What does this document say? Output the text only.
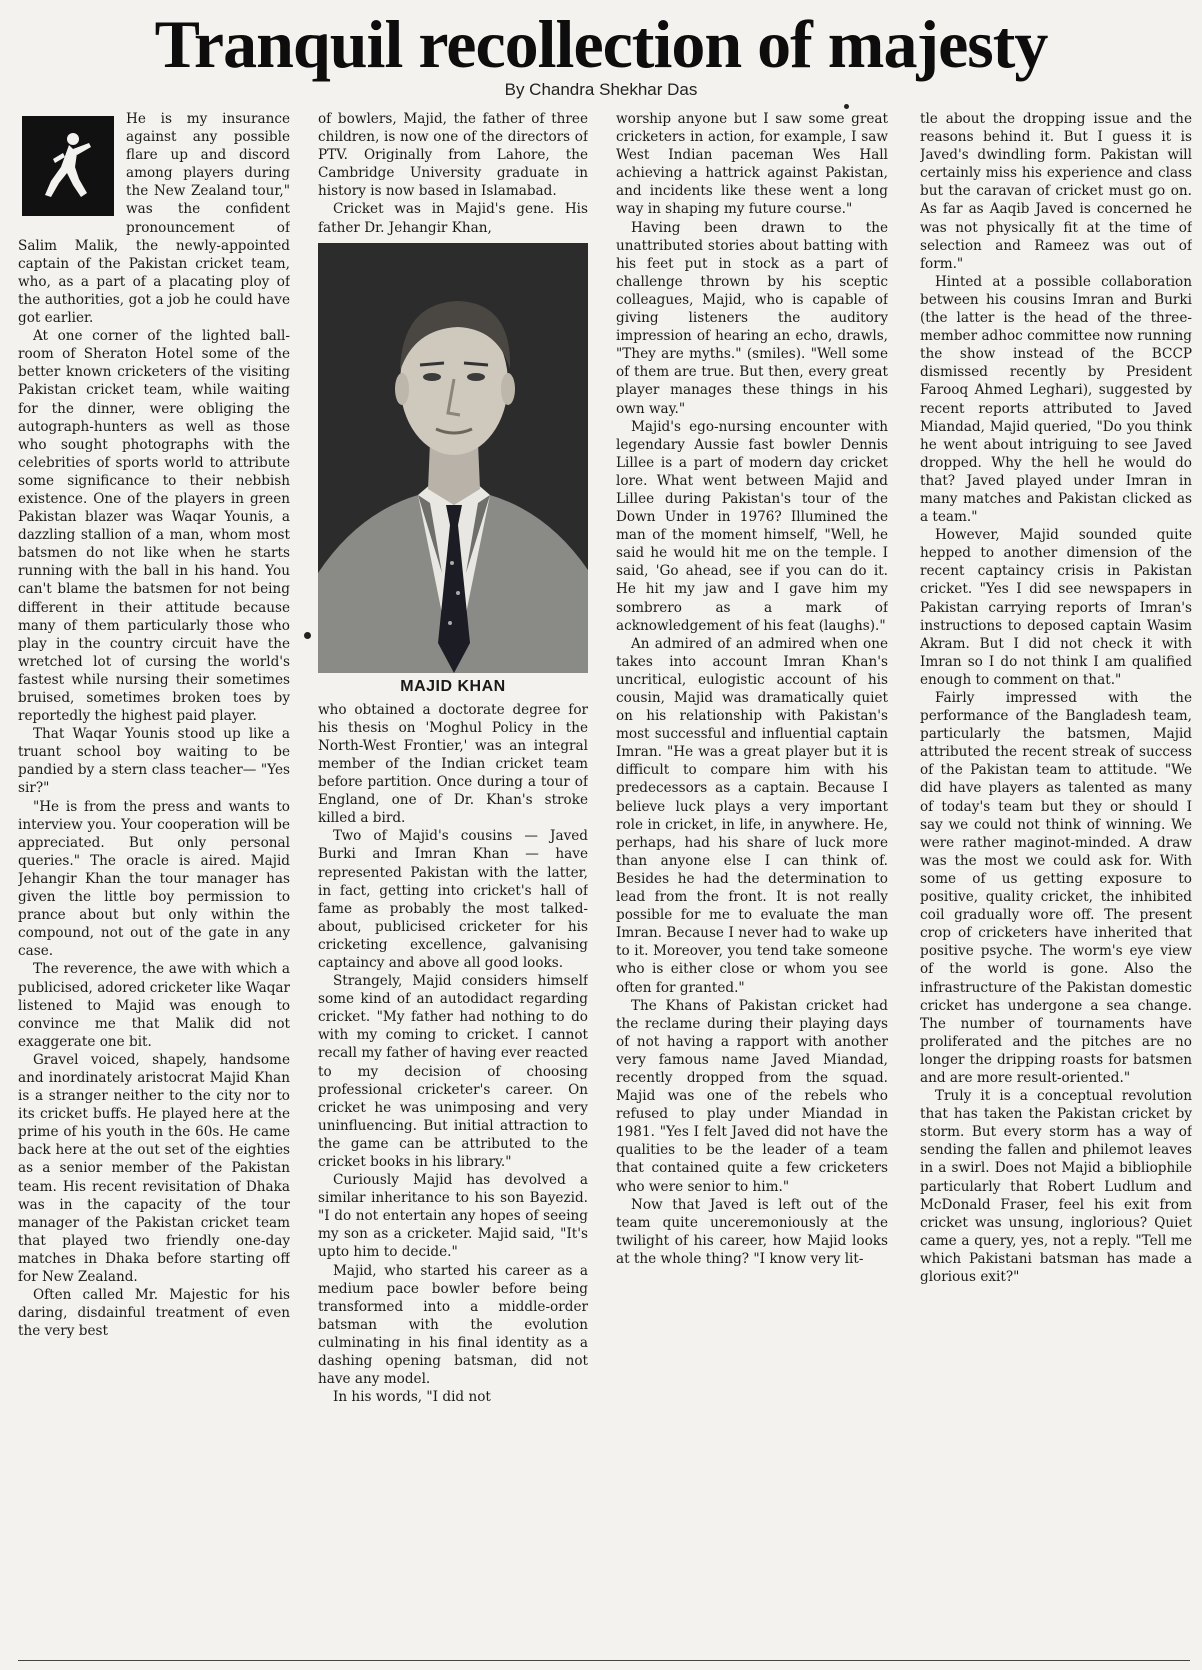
Tranquil recollection of majesty
By Chandra Shekhar Das

He is my insurance against any possible flare up and discord among players during the New Zealand tour," was the confident pronouncement of Salim Malik, the newly-appointed captain of the Pakistan cricket team, who, as a part of a placating ploy of the authorities, got a job he could have got earlier.

At one corner of the lighted ball-room of Sheraton Hotel some of the better known cricketers of the visiting Pakistan cricket team, while waiting for the dinner, were obliging the autograph-hunters as well as those who sought photographs with the celebrities of sports world to attribute some significance to their nebbish existence. One of the players in green Pakistan blazer was Waqar Younis, a dazzling stallion of a man, whom most batsmen do not like when he starts running with the ball in his hand. You can't blame the batsmen for not being different in their attitude because many of them particularly those who play in the country circuit have the wretched lot of cursing the world's fastest while nursing their sometimes bruised, sometimes broken toes by reportedly the highest paid player.

That Waqar Younis stood up like a truant school boy waiting to be pandied by a stern class teacher— "Yes sir?"

"He is from the press and wants to interview you. Your cooperation will be appreciated. But only personal queries." The oracle is aired. Majid Jehangir Khan the tour manager has given the little boy permission to prance about but only within the compound, not out of the gate in any case.

The reverence, the awe with which a publicised, adored cricketer like Waqar listened to Majid was enough to convince me that Malik did not exaggerate one bit.

Gravel voiced, shapely, handsome and inordinately aristocrat Majid Khan is a stranger neither to the city nor to its cricket buffs. He played here at the prime of his youth in the 60s. He came back here at the out set of the eighties as a senior member of the Pakistan team. His recent revisitation of Dhaka was in the capacity of the tour manager of the Pakistan cricket team that played two friendly one-day matches in Dhaka before starting off for New Zealand.

Often called Mr. Majestic for his daring, disdainful treatment of even the very best

of bowlers, Majid, the father of three children, is now one of the directors of PTV. Originally from Lahore, the Cambridge University graduate in history is now based in Islamabad.

Cricket was in Majid's gene. His father Dr. Jehangir Khan,

MAJID KHAN

who obtained a doctorate degree for his thesis on 'Moghul Policy in the North-West Frontier,' was an integral member of the Indian cricket team before partition. Once during a tour of England, one of Dr. Khan's stroke killed a bird.

Two of Majid's cousins — Javed Burki and Imran Khan — have represented Pakistan with the latter, in fact, getting into cricket's hall of fame as probably the most talked-about, publicised cricketer for his cricketing excellence, galvanising captaincy and above all good looks.

Strangely, Majid considers himself some kind of an autodidact regarding cricket. "My father had nothing to do with my coming to cricket. I cannot recall my father of having ever reacted to my decision of choosing professional cricketer's career. On cricket he was unimposing and very uninfluencing. But initial attraction to the game can be attributed to the cricket books in his library."

Curiously Majid has devolved a similar inheritance to his son Bayezid. "I do not entertain any hopes of seeing my son as a cricketer. Majid said, "It's upto him to decide."

Majid, who started his career as a medium pace bowler before being transformed into a middle-order batsman with the evolution culminating in his final identity as a dashing opening batsman, did not have any model.

In his words, "I did not

worship anyone but I saw some great cricketers in action, for example, I saw West Indian paceman Wes Hall achieving a hattrick against Pakistan, and incidents like these went a long way in shaping my future course."

Having been drawn to the unattributed stories about batting with his feet put in stock as a part of challenge thrown by his sceptic colleagues, Majid, who is capable of giving listeners the auditory impression of hearing an echo, drawls, "They are myths." (smiles). "Well some of them are true. But then, every great player manages these things in his own way."

Majid's ego-nursing encounter with legendary Aussie fast bowler Dennis Lillee is a part of modern day cricket lore. What went between Majid and Lillee during Pakistan's tour of the Down Under in 1976? Illumined the man of the moment himself, "Well, he said he would hit me on the temple. I said, 'Go ahead, see if you can do it. He hit my jaw and I gave him my sombrero as a mark of acknowledgement of his feat (laughs)."

An admired of an admired when one takes into account Imran Khan's uncritical, eulogistic account of his cousin, Majid was dramatically quiet on his relationship with Pakistan's most successful and influential captain Imran. "He was a great player but it is difficult to compare him with his predecessors as a captain. Because I believe luck plays a very important role in cricket, in life, in anywhere. He, perhaps, had his share of luck more than anyone else I can think of. Besides he had the determination to lead from the front. It is not really possible for me to evaluate the man Imran. Because I never had to wake up to it. Moreover, you tend take someone who is either close or whom you see often for granted."

The Khans of Pakistan cricket had the reclame during their playing days of not having a rapport with another very famous name Javed Miandad, recently dropped from the squad. Majid was one of the rebels who refused to play under Miandad in 1981. "Yes I felt Javed did not have the qualities to be the leader of a team that contained quite a few cricketers who were senior to him."

Now that Javed is left out of the team quite unceremoniously at the twilight of his career, how Majid looks at the whole thing? "I know very lit-

tle about the dropping issue and the reasons behind it. But I guess it is Javed's dwindling form. Pakistan will certainly miss his experience and class but the caravan of cricket must go on. As far as Aaqib Javed is concerned he was not physically fit at the time of selection and Rameez was out of form."

Hinted at a possible collaboration between his cousins Imran and Burki (the latter is the head of the three-member adhoc committee now running the show instead of the BCCP dismissed recently by President Farooq Ahmed Leghari), suggested by recent reports attributed to Javed Miandad, Majid queried, "Do you think he went about intriguing to see Javed dropped. Why the hell he would do that? Javed played under Imran in many matches and Pakistan clicked as a team."

However, Majid sounded quite hepped to another dimension of the recent captaincy crisis in Pakistan cricket. "Yes I did see newspapers in Pakistan carrying reports of Imran's instructions to deposed captain Wasim Akram. But I did not check it with Imran so I do not think I am qualified enough to comment on that."

Fairly impressed with the performance of the Bangladesh team, particularly the batsmen, Majid attributed the recent streak of success of the Pakistan team to attitude. "We did have players as talented as many of today's team but they or should I say we could not think of winning. We were rather maginot-minded. A draw was the most we could ask for. With some of us getting exposure to positive, quality cricket, the inhibited coil gradually wore off. The present crop of cricketers have inherited that positive psyche. The worm's eye view of the world is gone. Also the infrastructure of the Pakistan domestic cricket has undergone a sea change. The number of tournaments have proliferated and the pitches are no longer the dripping roasts for batsmen and are more result-oriented."

Truly it is a conceptual revolution that has taken the Pakistan cricket by storm. But every storm has a way of sending the fallen and philemot leaves in a swirl. Does not Majid a bibliophile particularly that Robert Ludlum and McDonald Fraser, feel his exit from cricket was unsung, inglorious? Quiet came a query, yes, not a reply. "Tell me which Pakistani batsman has made a glorious exit?"
